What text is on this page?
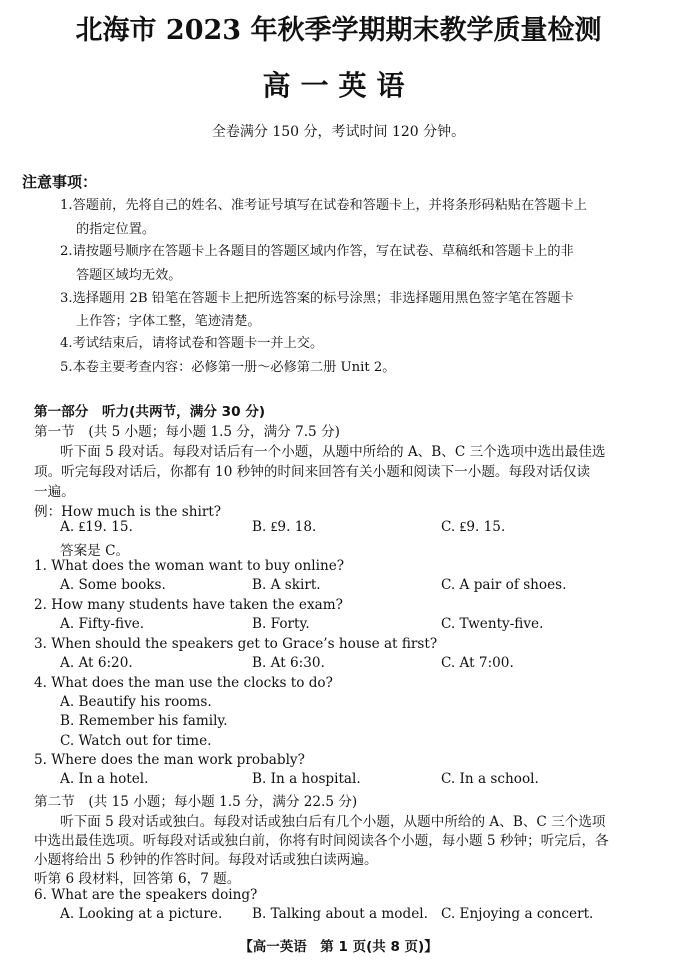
北海市 2023 年秋季学期期末教学质量检测
高一英语
全卷满分 150 分，考试时间 120 分钟。
注意事项：
1.答题前，先将自己的姓名、准考证号填写在试卷和答题卡上，并将条形码粘贴在答题卡上
的指定位置。
2.请按题号顺序在答题卡上各题目的答题区域内作答，写在试卷、草稿纸和答题卡上的非
答题区域均无效。
3.选择题用 2B 铅笔在答题卡上把所选答案的标号涂黑；非选择题用黑色签字笔在答题卡
上作答；字体工整，笔迹清楚。
4.考试结束后，请将试卷和答题卡一并上交。
5.本卷主要考查内容：必修第一册～必修第二册 Unit 2。
第一部分　听力(共两节，满分 30 分)
第一节　(共 5 小题；每小题 1.5 分，满分 7.5 分)
听下面 5 段对话。每段对话后有一个小题，从题中所给的 A、B、C 三个选项中选出最佳选
项。听完每段对话后，你都有 10 秒钟的时间来回答有关小题和阅读下一小题。每段对话仅读
一遍。
例：How much is the shirt?
A. ₤19. 15.	B. ₤9. 18.	C. ₤9. 15.
答案是 C。
1. What does the woman want to buy online?
A. Some books.	B. A skirt.	C. A pair of shoes.
2. How many students have taken the exam?
A. Fifty-five.	B. Forty.	C. Twenty-five.
3. When should the speakers get to Grace’s house at first?
A. At 6:20.	B. At 6:30.	C. At 7:00.
4. What does the man use the clocks to do?
A. Beautify his rooms.
B. Remember his family.
C. Watch out for time.
5. Where does the man work probably?
A. In a hotel.	B. In a hospital.	C. In a school.
第二节　(共 15 小题；每小题 1.5 分，满分 22.5 分)
听下面 5 段对话或独白。每段对话或独白后有几个小题，从题中所给的 A、B、C 三个选项
中选出最佳选项。听每段对话或独白前，你将有时间阅读各个小题，每小题 5 秒钟；听完后，各
小题将给出 5 秒钟的作答时间。每段对话或独白读两遍。
听第 6 段材料，回答第 6，7 题。
6. What are the speakers doing?
A. Looking at a picture. B. Talking about a model. C. Enjoying a concert.
【高一英语　第 1 页(共 8 页)】
